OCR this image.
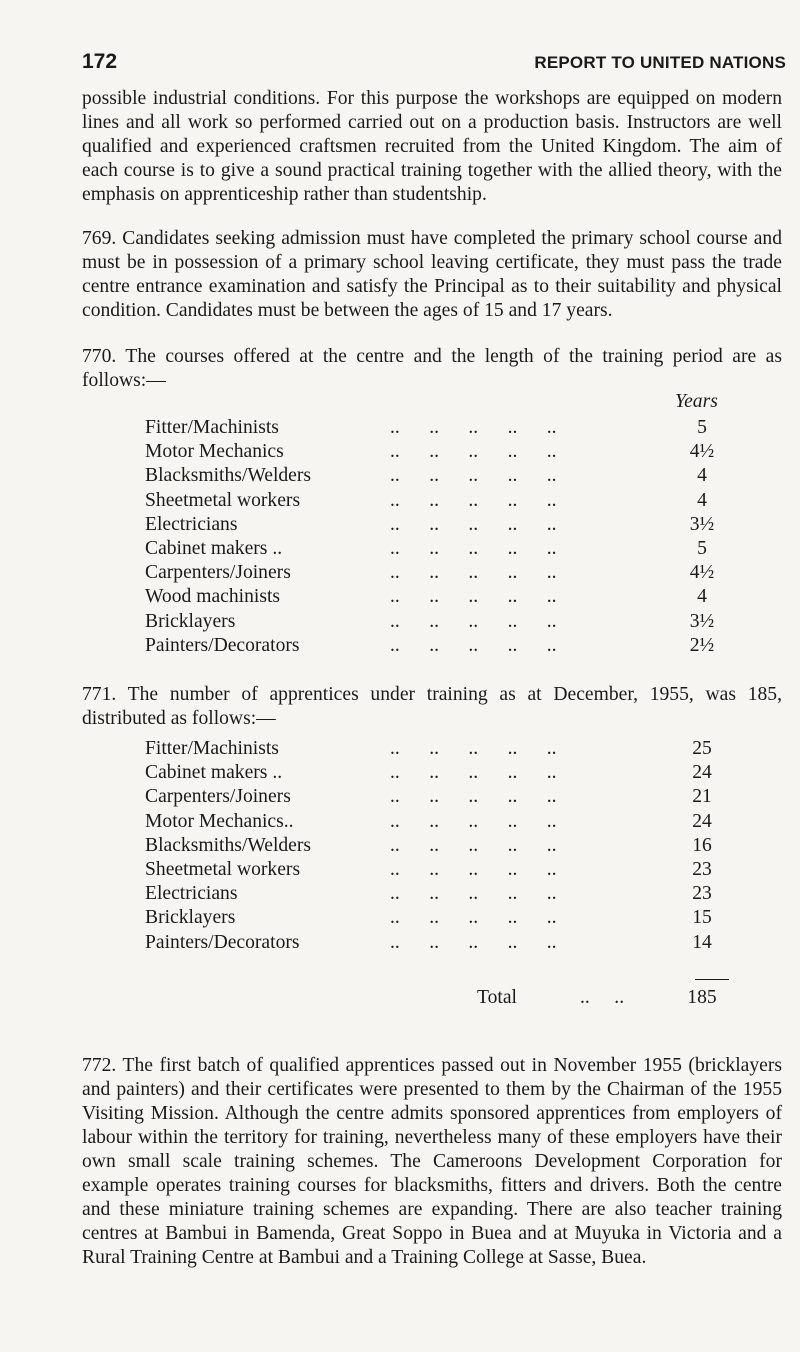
172	REPORT TO UNITED NATIONS

possible industrial conditions. For this purpose the workshops are equipped on modern lines and all work so performed carried out on a production basis. Instructors are well qualified and experienced craftsmen recruited from the United Kingdom. The aim of each course is to give a sound practical training together with the allied theory, with the emphasis on apprenticeship rather than studentship.

769. Candidates seeking admission must have completed the primary school course and must be in possession of a primary school leaving certificate, they must pass the trade centre entrance examination and satisfy the Principal as to their suitability and physical condition. Candidates must be between the ages of 15 and 17 years.

770. The courses offered at the centre and the length of the training period are as follows:—

Years
Fitter/Machinists	..      ..      ..      ..      ..	5
Motor Mechanics	..      ..      ..      ..      ..	4½
Blacksmiths/Welders	..      ..      ..      ..      ..	4
Sheetmetal workers	..      ..      ..      ..      ..	4
Electricians	..      ..      ..      ..      ..	3½
Cabinet makers ..	..      ..      ..      ..      ..	5
Carpenters/Joiners	..      ..      ..      ..      ..	4½
Wood machinists	..      ..      ..      ..      ..	4
Bricklayers	..      ..      ..      ..      ..	3½
Painters/Decorators	..      ..      ..      ..      ..	2½

771. The number of apprentices under training as at December, 1955, was 185, distributed as follows:—

Fitter/Machinists	..      ..      ..      ..      ..	25
Cabinet makers ..	..      ..      ..      ..      ..	24
Carpenters/Joiners	..      ..      ..      ..      ..	21
Motor Mechanics..	..      ..      ..      ..      ..	24
Blacksmiths/Welders	..      ..      ..      ..      ..	16
Sheetmetal workers	..      ..      ..      ..      ..	23
Electricians	..      ..      ..      ..      ..	23
Bricklayers	..      ..      ..      ..      ..	15
Painters/Decorators	..      ..      ..      ..      ..	14
Total	..     ..	185

772. The first batch of qualified apprentices passed out in November 1955 (bricklayers and painters) and their certificates were presented to them by the Chairman of the 1955 Visiting Mission. Although the centre admits sponsored apprentices from employers of labour within the territory for training, nevertheless many of these employers have their own small scale training schemes. The Cameroons Development Corporation for example operates training courses for blacksmiths, fitters and drivers. Both the centre and these miniature training schemes are expanding. There are also teacher training centres at Bambui in Bamenda, Great Soppo in Buea and at Muyuka in Victoria and a Rural Training Centre at Bambui and a Training College at Sasse, Buea.
